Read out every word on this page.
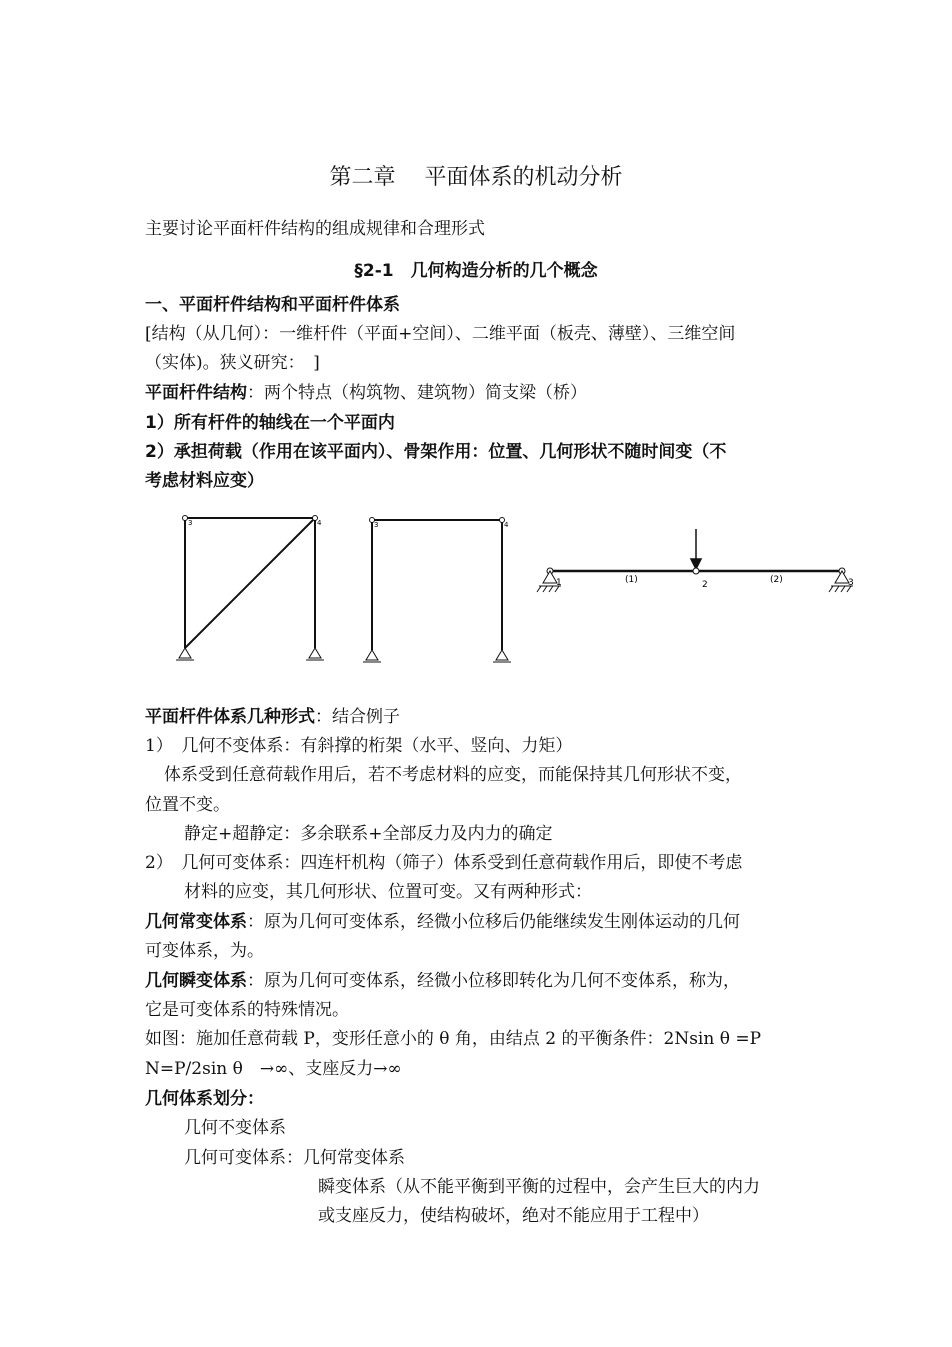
第二章　 平面体系的机动分析
主要讨论平面杆件结构的组成规律和合理形式
§2-1　几何构造分析的几个概念
一、平面杆件结构和平面杆件体系
[结构（从几何）：一维杆件（平面+空间）、二维平面（板壳、薄壁）、三维空间
（实体)。狭义研究：　]
平面杆件结构：两个特点（构筑物、建筑物）简支梁（桥）
1）所有杆件的轴线在一个平面内
2）承担荷载（作用在该平面内）、骨架作用：位置、几何形状不随时间变（不
考虑材料应变）
3	4	3	4
1	2	3
(1)	(2)
平面杆件体系几种形式：结合例子
1）　几何不变体系：有斜撑的桁架（水平、竖向、力矩）
体系受到任意荷载作用后，若不考虑材料的应变，而能保持其几何形状不变，
位置不变。
静定+超静定：多余联系+全部反力及内力的确定
2）　几何可变体系：四连杆机构（筛子）体系受到任意荷载作用后，即使不考虑
材料的应变，其几何形状、位置可变。又有两种形式：
几何常变体系：原为几何可变体系，经微小位移后仍能继续发生刚体运动的几何
可变体系，为。
几何瞬变体系：原为几何可变体系，经微小位移即转化为几何不变体系，称为，
它是可变体系的特殊情况。
如图：施加任意荷载 P，变形任意小的 θ 角，由结点 2 的平衡条件：2Nsin θ =P
N=P/2sin θ　→∞、支座反力→∞
几何体系划分：
几何不变体系
几何可变体系：几何常变体系
瞬变体系（从不能平衡到平衡的过程中，会产生巨大的内力
或支座反力，使结构破坏，绝对不能应用于工程中）
